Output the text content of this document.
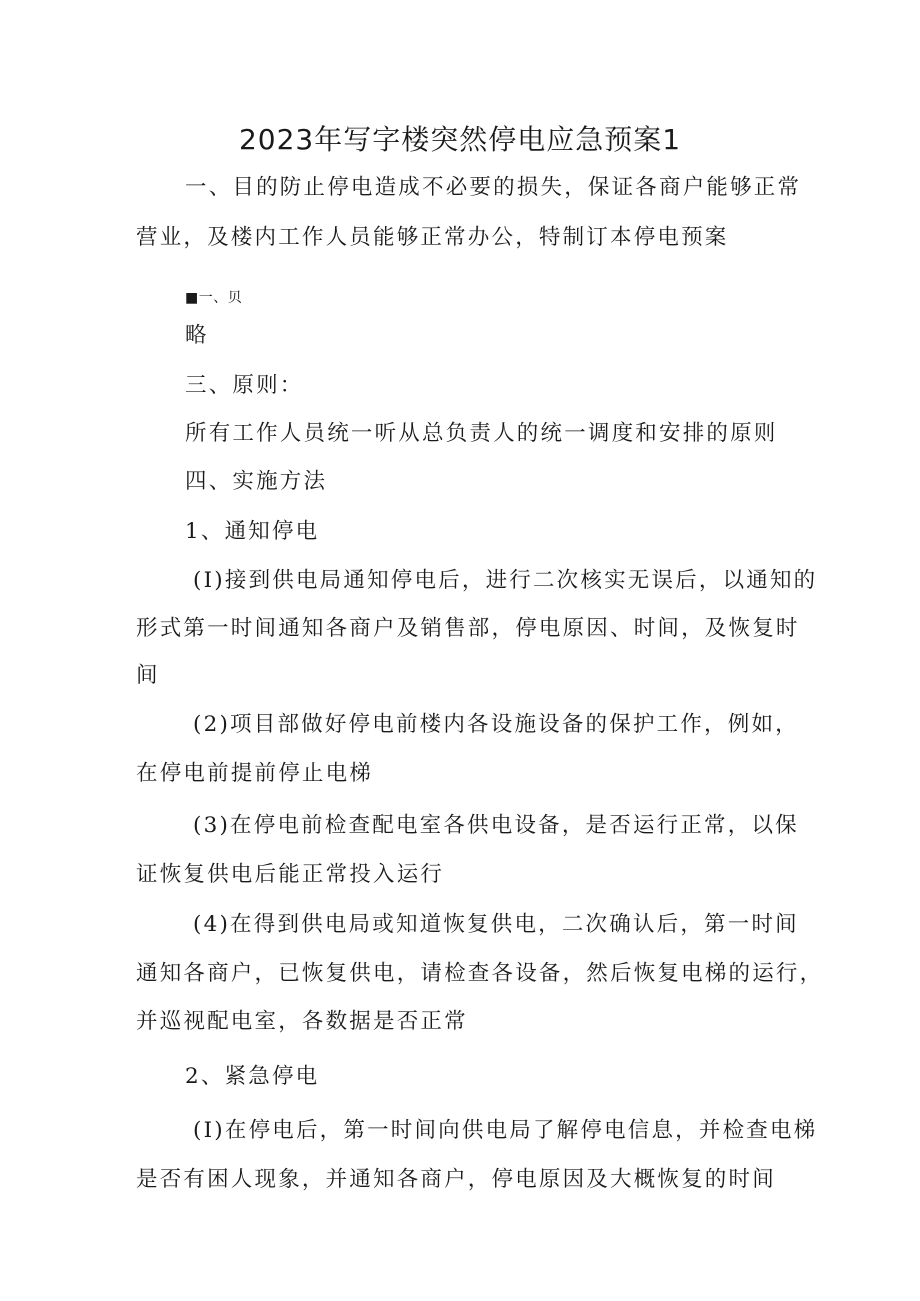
2023年写字楼突然停电应急预案1

一、目的防止停电造成不必要的损失，保证各商户能够正常

营业，及楼内工作人员能够正常办公，特制订本停电预案

■一、贝

略

三、原则：

所有工作人员统一听从总负责人的统一调度和安排的原则

四、实施方法

1、通知停电

(I)接到供电局通知停电后，进行二次核实无误后，以通知的

形式第一时间通知各商户及销售部，停电原因、时间，及恢复时

间

(2)项目部做好停电前楼内各设施设备的保护工作，例如，

在停电前提前停止电梯

(3)在停电前检查配电室各供电设备，是否运行正常，以保

证恢复供电后能正常投入运行

(4)在得到供电局或知道恢复供电，二次确认后，第一时间

通知各商户，已恢复供电，请检查各设备，然后恢复电梯的运行，

并巡视配电室，各数据是否正常

2、紧急停电

(I)在停电后，第一时间向供电局了解停电信息，并检查电梯

是否有困人现象，并通知各商户，停电原因及大概恢复的时间
